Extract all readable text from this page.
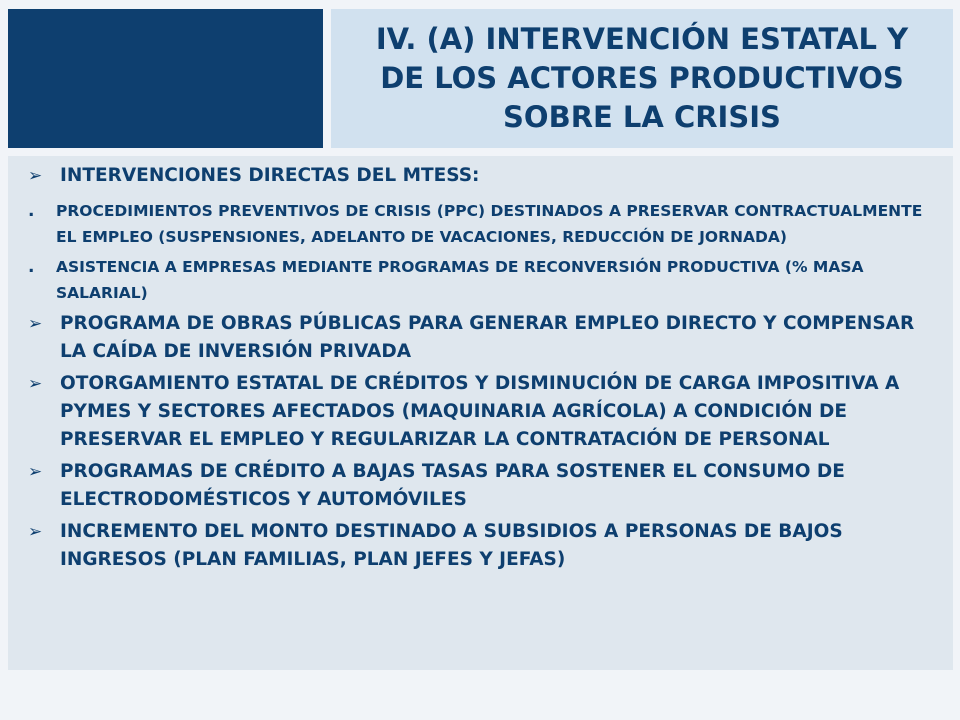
IV. (A) INTERVENCIÓN ESTATAL Y
DE LOS ACTORES PRODUCTIVOS
SOBRE LA CRISIS
➢ INTERVENCIONES DIRECTAS DEL MTESS:
. PROCEDIMIENTOS PREVENTIVOS DE CRISIS (PPC) DESTINADOS A PRESERVAR CONTRACTUALMENTE EL EMPLEO (SUSPENSIONES, ADELANTO DE VACACIONES, REDUCCIÓN DE JORNADA)
. ASISTENCIA A EMPRESAS MEDIANTE PROGRAMAS DE RECONVERSIÓN PRODUCTIVA (% MASA SALARIAL)
➢ PROGRAMA DE OBRAS PÚBLICAS PARA GENERAR EMPLEO DIRECTO Y COMPENSAR LA CAÍDA DE INVERSIÓN PRIVADA
➢ OTORGAMIENTO ESTATAL DE CRÉDITOS Y DISMINUCIÓN DE CARGA IMPOSITIVA A PYMES Y SECTORES AFECTADOS (MAQUINARIA AGRÍCOLA) A CONDICIÓN DE PRESERVAR EL EMPLEO Y REGULARIZAR LA CONTRATACIÓN DE PERSONAL
➢ PROGRAMAS DE CRÉDITO A BAJAS TASAS PARA SOSTENER EL CONSUMO DE ELECTRODOMÉSTICOS Y AUTOMÓVILES
➢ INCREMENTO DEL MONTO DESTINADO A SUBSIDIOS A PERSONAS DE BAJOS INGRESOS (PLAN FAMILIAS, PLAN JEFES Y JEFAS)
